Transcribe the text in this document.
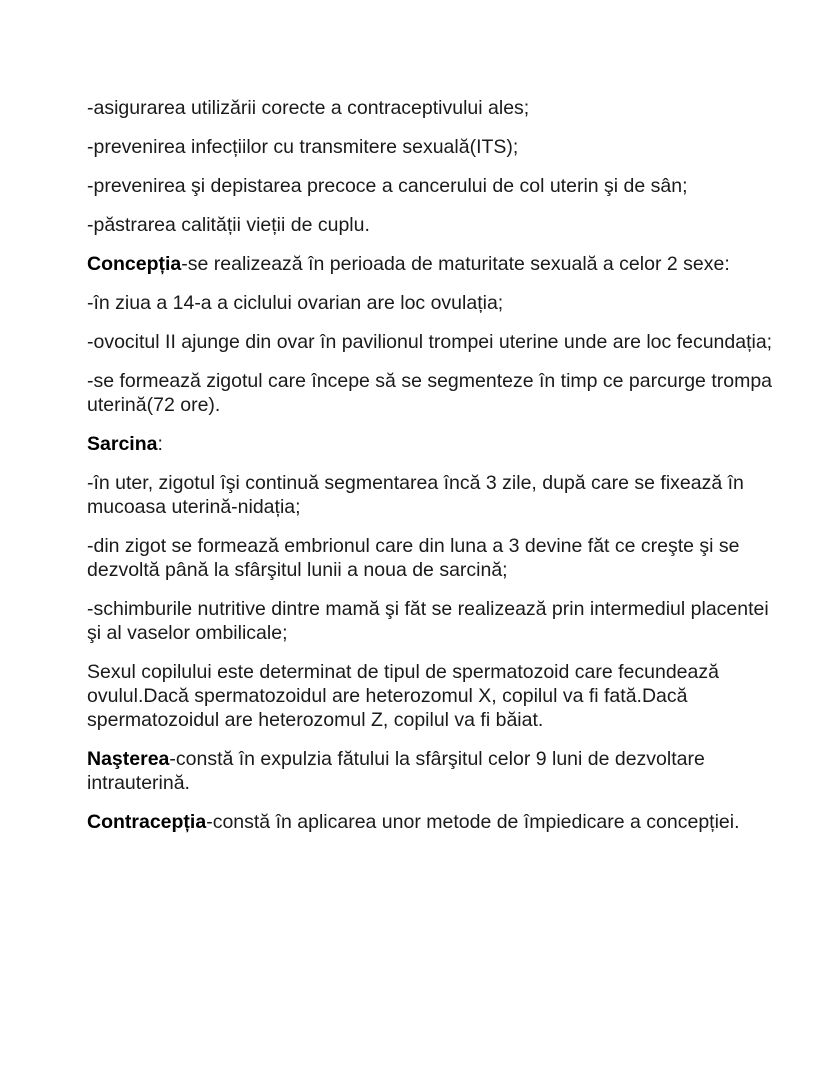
-asigurarea utilizării corecte a contraceptivului ales;

-prevenirea infecțiilor cu transmitere sexuală(ITS);

-prevenirea şi depistarea precoce a cancerului de col uterin şi de sân;

-păstrarea calității vieții de cuplu.

Concepția-se realizează în perioada de maturitate sexuală a celor 2 sexe:

-în ziua a 14-a a ciclului ovarian are loc ovulația;

-ovocitul II ajunge din ovar în pavilionul trompei uterine unde are loc fecundația;

-se formează zigotul care începe să se segmenteze în timp ce parcurge trompa uterină(72 ore).

Sarcina:

-în uter, zigotul îşi continuă segmentarea încă 3 zile, după care se fixează în mucoasa uterină-nidația;

-din zigot se formează embrionul care din luna a 3 devine făt ce creşte şi se dezvoltă până la sfârşitul lunii a noua de sarcină;

-schimburile nutritive dintre mamă şi făt se realizează prin intermediul placentei şi al vaselor ombilicale;

Sexul copilului este determinat de tipul de spermatozoid care fecundează ovulul.Dacă spermatozoidul are heterozomul X, copilul va fi fată.Dacă spermatozoidul are heterozomul Z, copilul va fi băiat.

Naşterea-constă în expulzia fătului la sfârşitul celor 9 luni de dezvoltare intrauterină.

Contracepția-constă în aplicarea unor metode de împiedicare a concepției.
